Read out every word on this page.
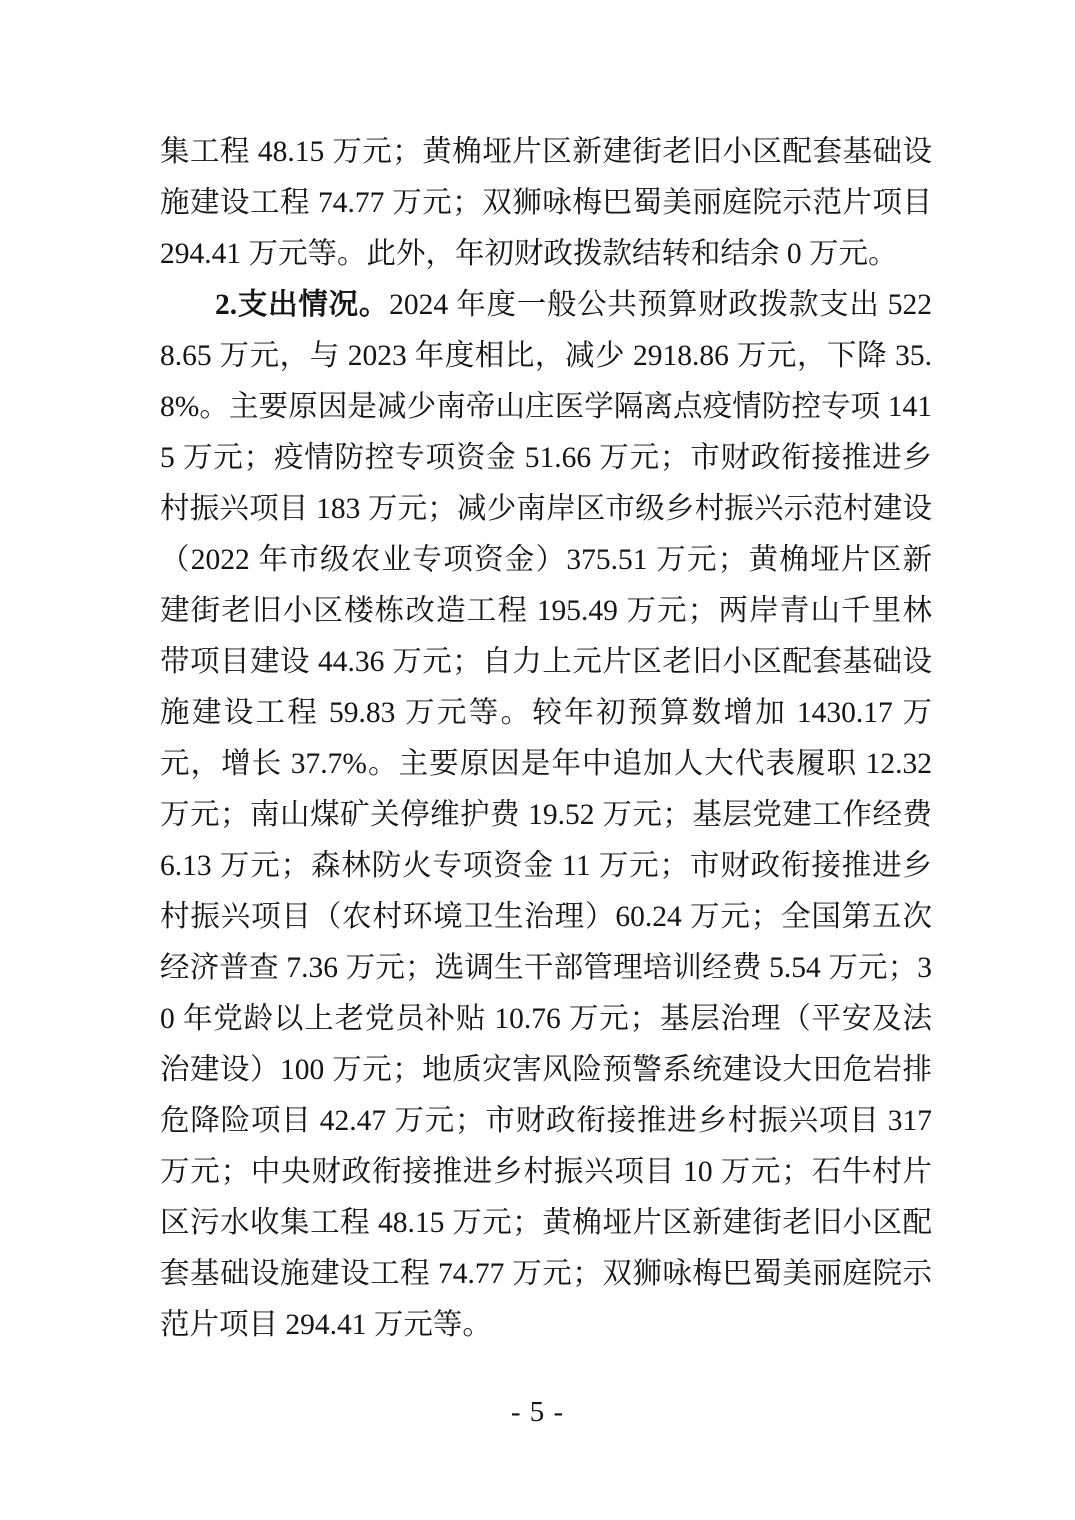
集工程 48.15 万元；黄桷垭片区新建街老旧小区配套基础设施建设工程 74.77 万元；双狮咏梅巴蜀美丽庭院示范片项目 294.41 万元等。此外，年初财政拨款结转和结余 0 万元。

2.支出情况。2024 年度一般公共预算财政拨款支出 5228.65 万元，与 2023 年度相比，减少 2918.86 万元，下降 35.8%。主要原因是减少南帝山庄医学隔离点疫情防控专项 1415 万元；疫情防控专项资金 51.66 万元；市财政衔接推进乡村振兴项目 183 万元；减少南岸区市级乡村振兴示范村建设（2022 年市级农业专项资金）375.51 万元；黄桷垭片区新建街老旧小区楼栋改造工程 195.49 万元；两岸青山千里林带项目建设 44.36 万元；自力上元片区老旧小区配套基础设施建设工程 59.83 万元等。较年初预算数增加 1430.17 万元，增长 37.7%。主要原因是年中追加人大代表履职 12.32 万元；南山煤矿关停维护费 19.52 万元；基层党建工作经费 6.13 万元；森林防火专项资金 11 万元；市财政衔接推进乡村振兴项目（农村环境卫生治理）60.24 万元；全国第五次经济普查 7.36 万元；选调生干部管理培训经费 5.54 万元；30 年党龄以上老党员补贴 10.76 万元；基层治理（平安及法治建设）100 万元；地质灾害风险预警系统建设大田危岩排危降险项目 42.47 万元；市财政衔接推进乡村振兴项目 317 万元；中央财政衔接推进乡村振兴项目 10 万元；石牛村片区污水收集工程 48.15 万元；黄桷垭片区新建街老旧小区配套基础设施建设工程 74.77 万元；双狮咏梅巴蜀美丽庭院示范片项目 294.41 万元等。

- 5 -
